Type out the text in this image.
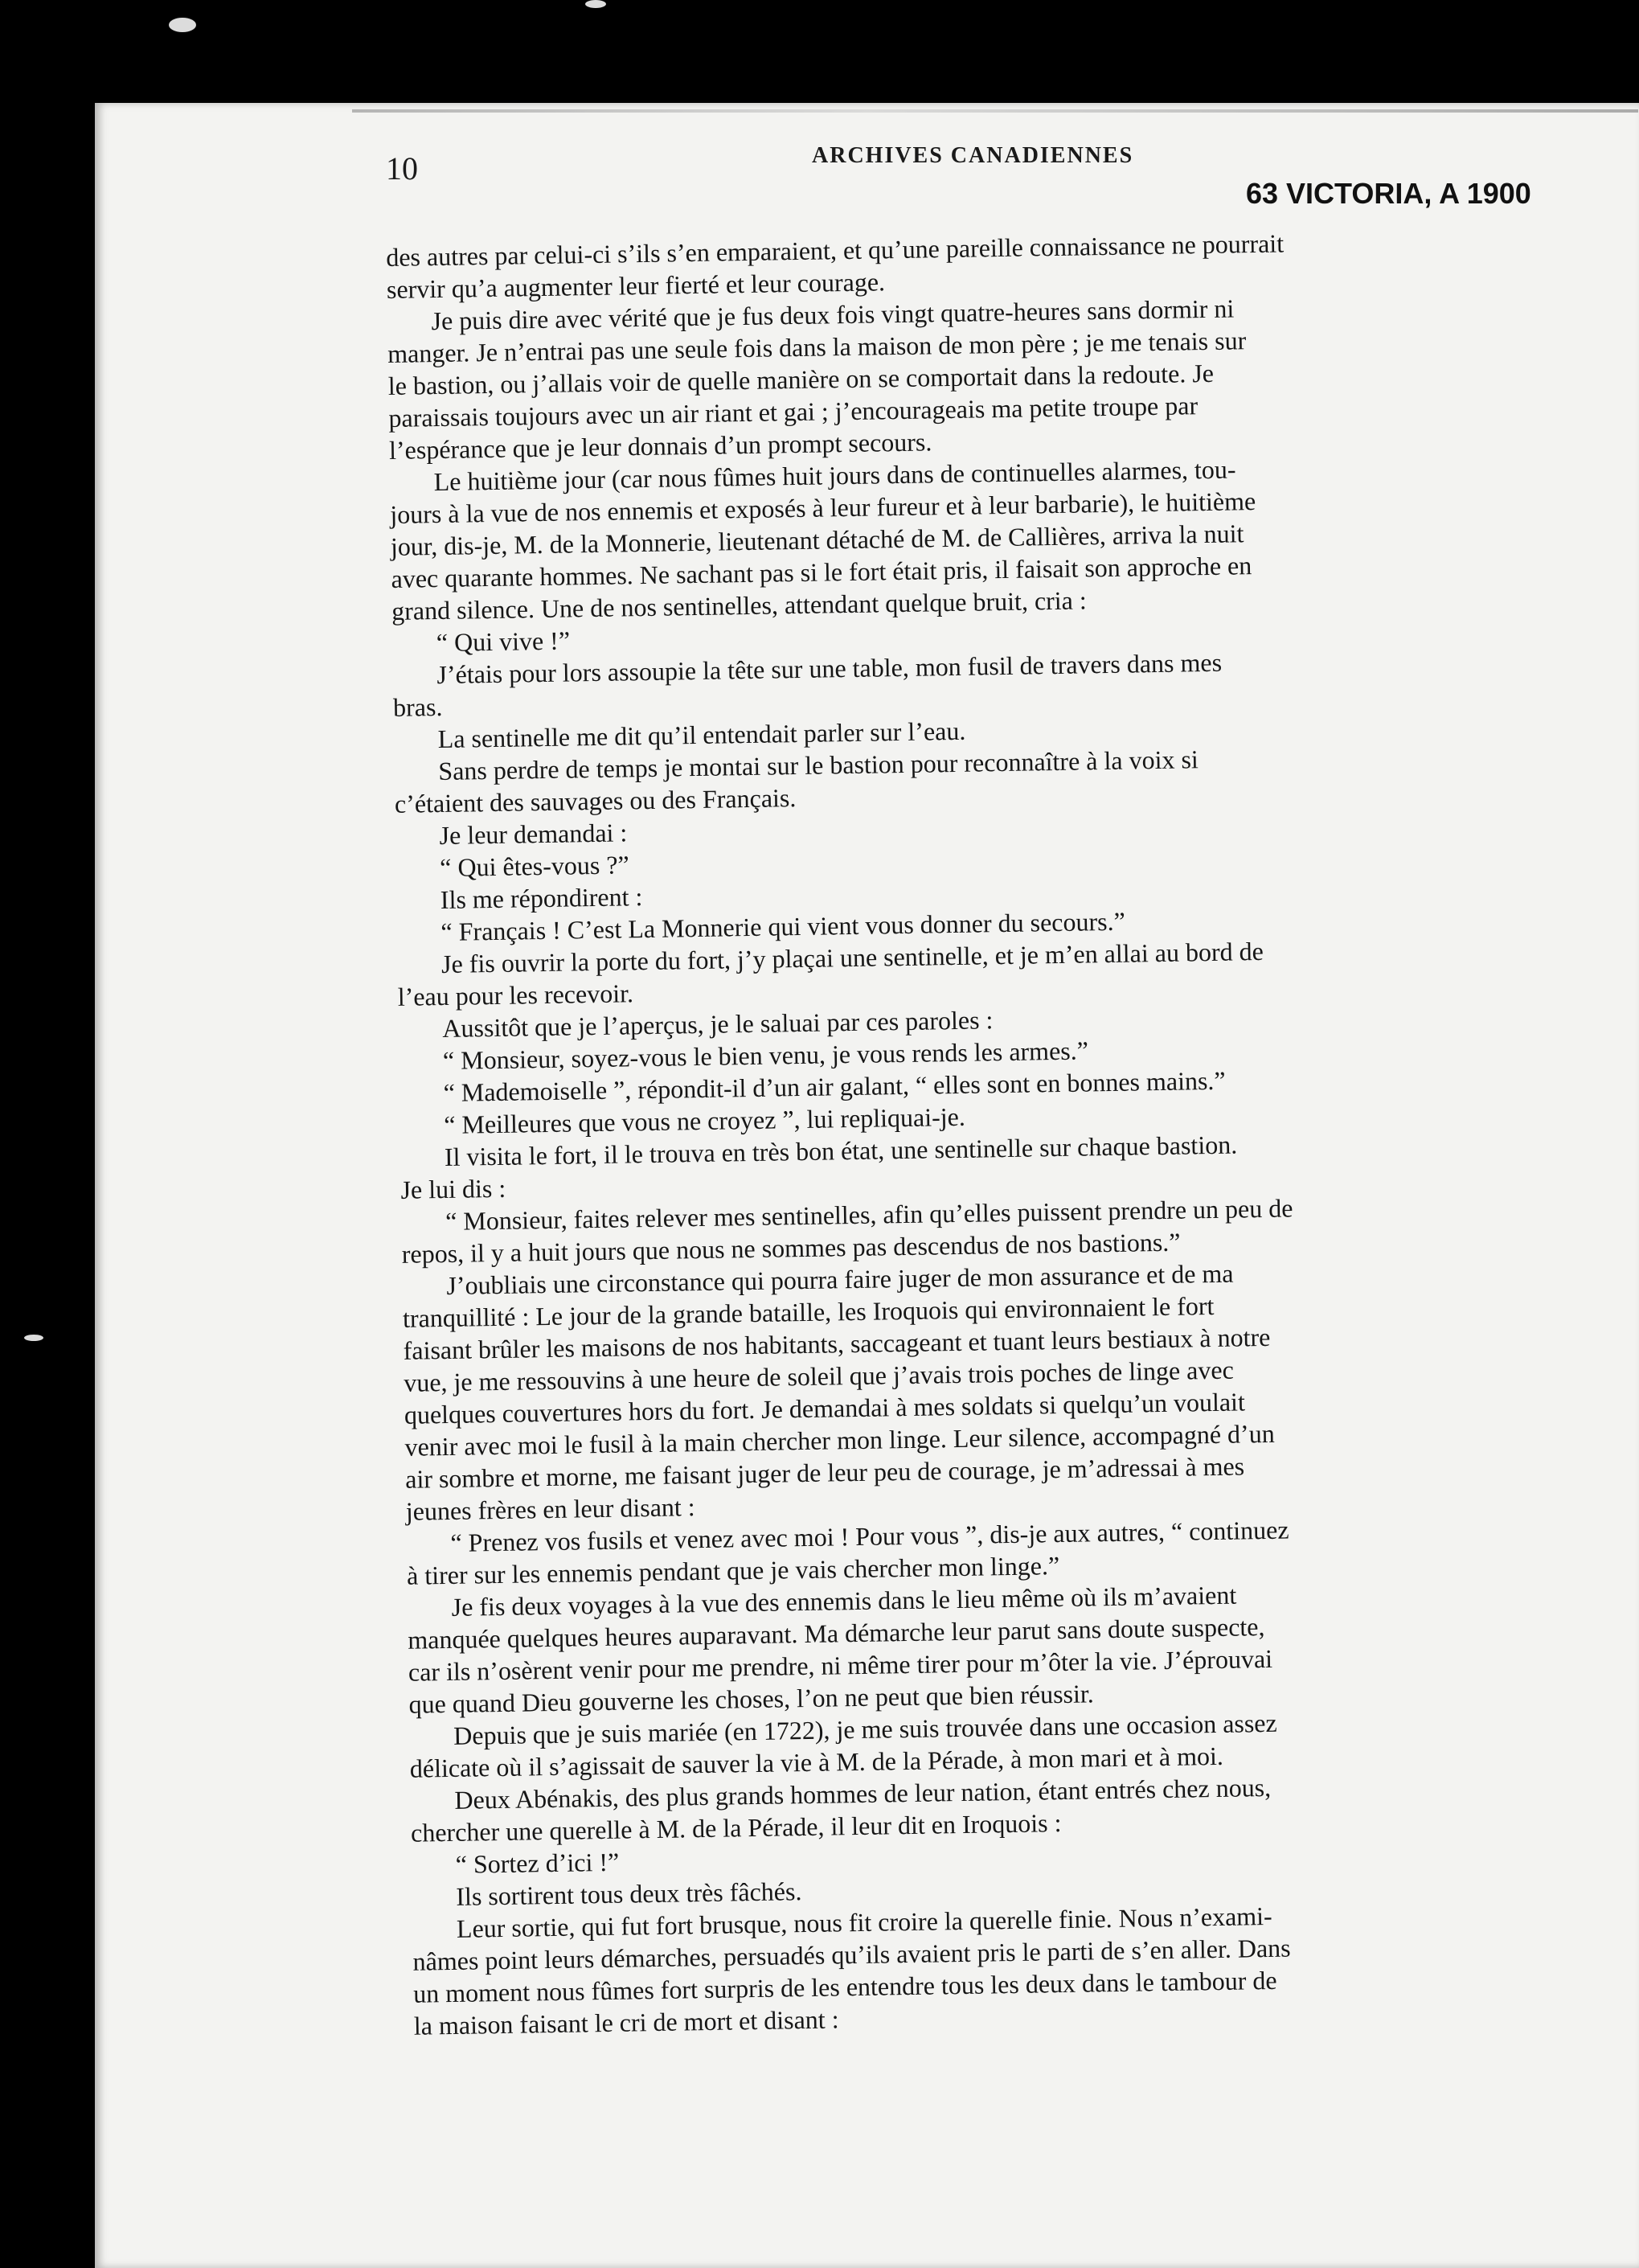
10	ARCHIVES CANADIENNES
63 VICTORIA, A 1900
des autres par celui-ci s’ils s’en emparaient, et qu’une pareille connaissance ne pourrait
servir qu’a augmenter leur fierté et leur courage.
Je puis dire avec vérité que je fus deux fois vingt quatre-heures sans dormir ni
manger. Je n’entrai pas une seule fois dans la maison de mon père ; je me tenais sur
le bastion, ou j’allais voir de quelle manière on se comportait dans la redoute. Je
paraissais toujours avec un air riant et gai ; j’encourageais ma petite troupe par
l’espérance que je leur donnais d’un prompt secours.
Le huitième jour (car nous fûmes huit jours dans de continuelles alarmes, tou-
jours à la vue de nos ennemis et exposés à leur fureur et à leur barbarie), le huitième
jour, dis-je, M. de la Monnerie, lieutenant détaché de M. de Callières, arriva la nuit
avec quarante hommes. Ne sachant pas si le fort était pris, il faisait son approche en
grand silence. Une de nos sentinelles, attendant quelque bruit, cria :
“ Qui vive !”
J’étais pour lors assoupie la tête sur une table, mon fusil de travers dans mes
bras.
La sentinelle me dit qu’il entendait parler sur l’eau.
Sans perdre de temps je montai sur le bastion pour reconnaître à la voix si
c’étaient des sauvages ou des Français.
Je leur demandai :
“ Qui êtes-vous ?”
Ils me répondirent :
“ Français ! C’est La Monnerie qui vient vous donner du secours.”
Je fis ouvrir la porte du fort, j’y plaçai une sentinelle, et je m’en allai au bord de
l’eau pour les recevoir.
Aussitôt que je l’aperçus, je le saluai par ces paroles :
“ Monsieur, soyez-vous le bien venu, je vous rends les armes.”
“ Mademoiselle ”, répondit-il d’un air galant, “ elles sont en bonnes mains.”
“ Meilleures que vous ne croyez ”, lui repliquai-je.
Il visita le fort, il le trouva en très bon état, une sentinelle sur chaque bastion.
Je lui dis :
“ Monsieur, faites relever mes sentinelles, afin qu’elles puissent prendre un peu de
repos, il y a huit jours que nous ne sommes pas descendus de nos bastions.”
J’oubliais une circonstance qui pourra faire juger de mon assurance et de ma
tranquillité : Le jour de la grande bataille, les Iroquois qui environnaient le fort
faisant brûler les maisons de nos habitants, saccageant et tuant leurs bestiaux à notre
vue, je me ressouvins à une heure de soleil que j’avais trois poches de linge avec
quelques couvertures hors du fort. Je demandai à mes soldats si quelqu’un voulait
venir avec moi le fusil à la main chercher mon linge. Leur silence, accompagné d’un
air sombre et morne, me faisant juger de leur peu de courage, je m’adressai à mes
jeunes frères en leur disant :
“ Prenez vos fusils et venez avec moi ! Pour vous ”, dis-je aux autres, “ continuez
à tirer sur les ennemis pendant que je vais chercher mon linge.”
Je fis deux voyages à la vue des ennemis dans le lieu même où ils m’avaient
manquée quelques heures auparavant. Ma démarche leur parut sans doute suspecte,
car ils n’osèrent venir pour me prendre, ni même tirer pour m’ôter la vie. J’éprouvai
que quand Dieu gouverne les choses, l’on ne peut que bien réussir.
Depuis que je suis mariée (en 1722), je me suis trouvée dans une occasion assez
délicate où il s’agissait de sauver la vie à M. de la Pérade, à mon mari et à moi.
Deux Abénakis, des plus grands hommes de leur nation, étant entrés chez nous,
chercher une querelle à M. de la Pérade, il leur dit en Iroquois :
“ Sortez d’ici !”
Ils sortirent tous deux très fâchés.
Leur sortie, qui fut fort brusque, nous fit croire la querelle finie. Nous n’exami-
nâmes point leurs démarches, persuadés qu’ils avaient pris le parti de s’en aller. Dans
un moment nous fûmes fort surpris de les entendre tous les deux dans le tambour de
la maison faisant le cri de mort et disant :
